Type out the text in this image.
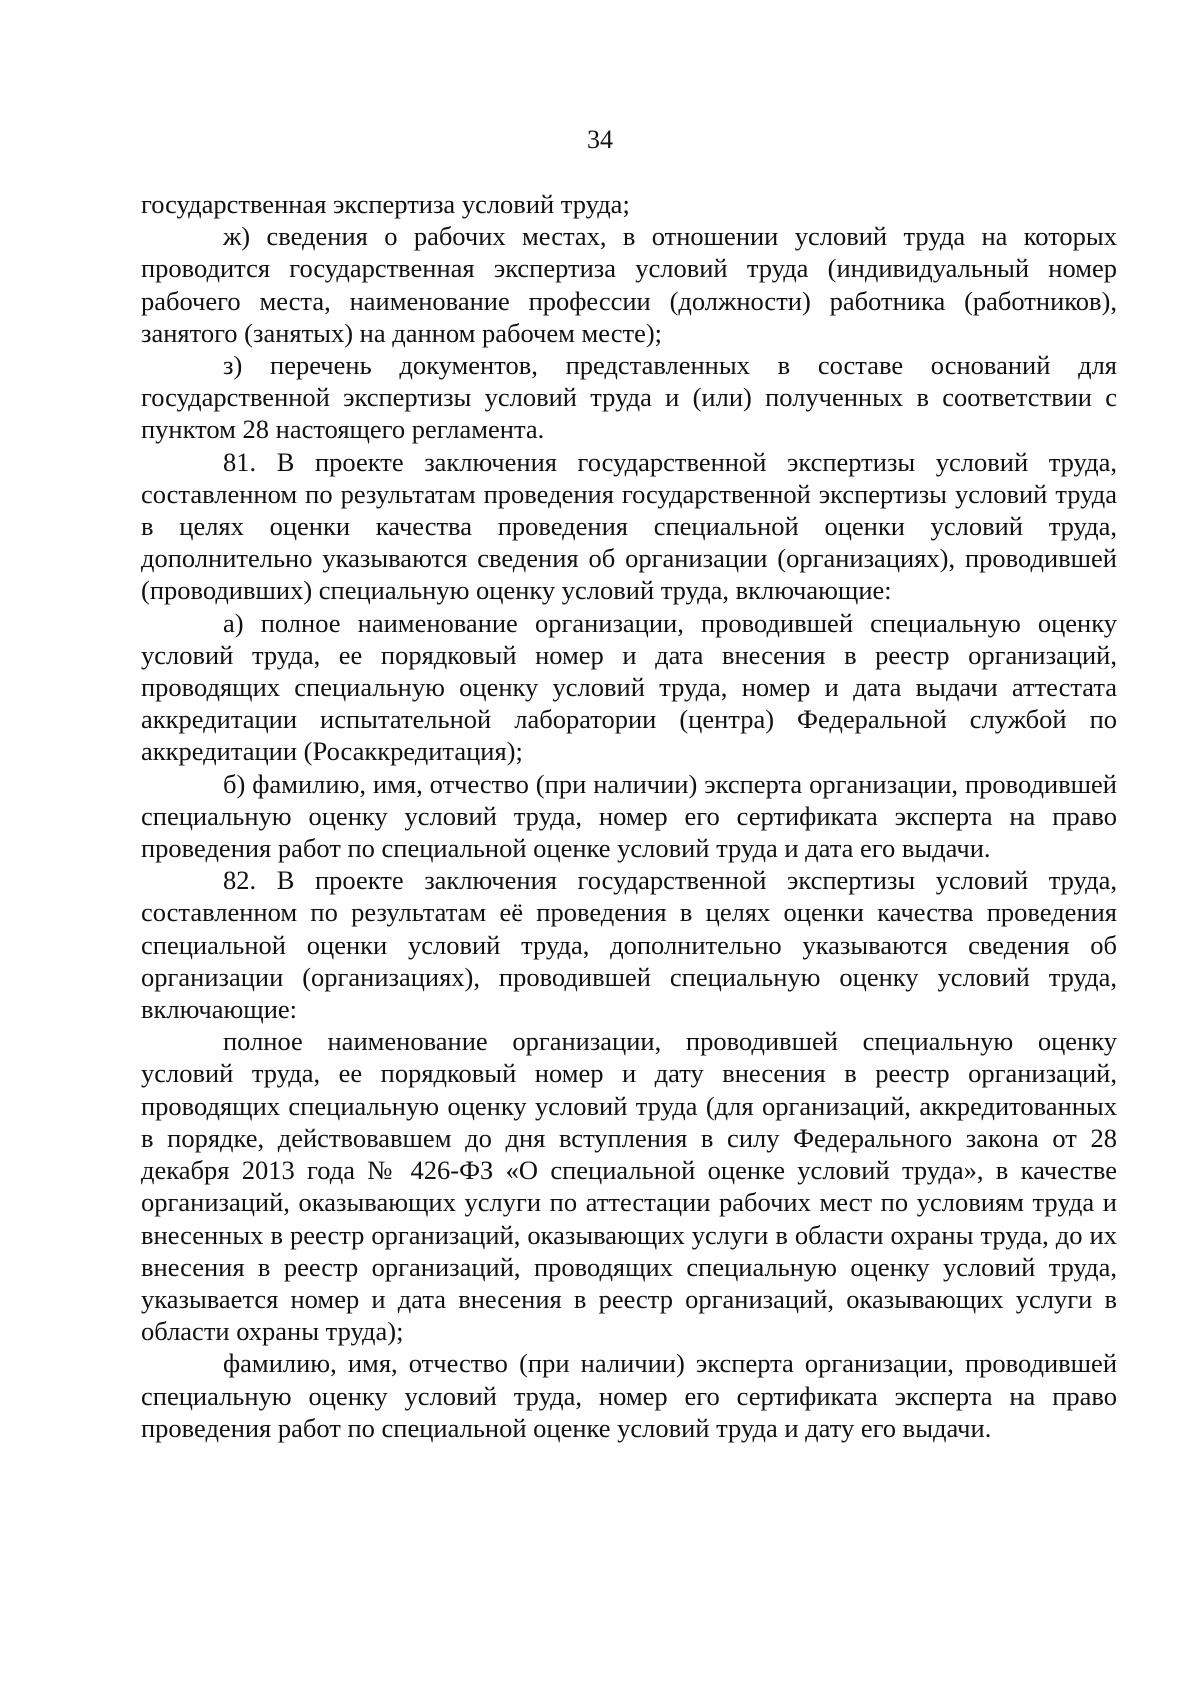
34

государственная экспертиза условий труда;

ж) сведения о рабочих местах, в отношении условий труда на которых проводится государственная экспертиза условий труда (индивидуальный номер рабочего места, наименование профессии (должности) работника (работников), занятого (занятых) на данном рабочем месте);

з) перечень документов, представленных в составе оснований для государственной экспертизы условий труда и (или) полученных в соответствии с пунктом 28 настоящего регламента.

81. В проекте заключения государственной экспертизы условий труда, составленном по результатам проведения государственной экспертизы условий труда в целях оценки качества проведения специальной оценки условий труда, дополнительно указываются сведения об организации (организациях), проводившей (проводивших) специальную оценку условий труда, включающие:

а) полное наименование организации, проводившей специальную оценку условий труда, ее порядковый номер и дата внесения в реестр организаций, проводящих специальную оценку условий труда, номер и дата выдачи аттестата аккредитации испытательной лаборатории (центра) Федеральной службой по аккредитации (Росаккредитация);

б) фамилию, имя, отчество (при наличии) эксперта организации, проводившей специальную оценку условий труда, номер его сертификата эксперта на право проведения работ по специальной оценке условий труда и дата его выдачи.

82. В проекте заключения государственной экспертизы условий труда, составленном по результатам её проведения в целях оценки качества проведения специальной оценки условий труда, дополнительно указываются сведения об организации (организациях), проводившей специальную оценку условий труда, включающие:

полное наименование организации, проводившей специальную оценку условий труда, ее порядковый номер и дату внесения в реестр организаций, проводящих специальную оценку условий труда (для организаций, аккредитованных в порядке, действовавшем до дня вступления в силу Федерального закона от 28 декабря 2013 года № 426-ФЗ «О специальной оценке условий труда», в качестве организаций, оказывающих услуги по аттестации рабочих мест по условиям труда и внесенных в реестр организаций, оказывающих услуги в области охраны труда, до их внесения в реестр организаций, проводящих специальную оценку условий труда, указывается номер и дата внесения в реестр организаций, оказывающих услуги в области охраны труда);

фамилию, имя, отчество (при наличии) эксперта организации, проводившей специальную оценку условий труда, номер его сертификата эксперта на право проведения работ по специальной оценке условий труда и дату его выдачи.
